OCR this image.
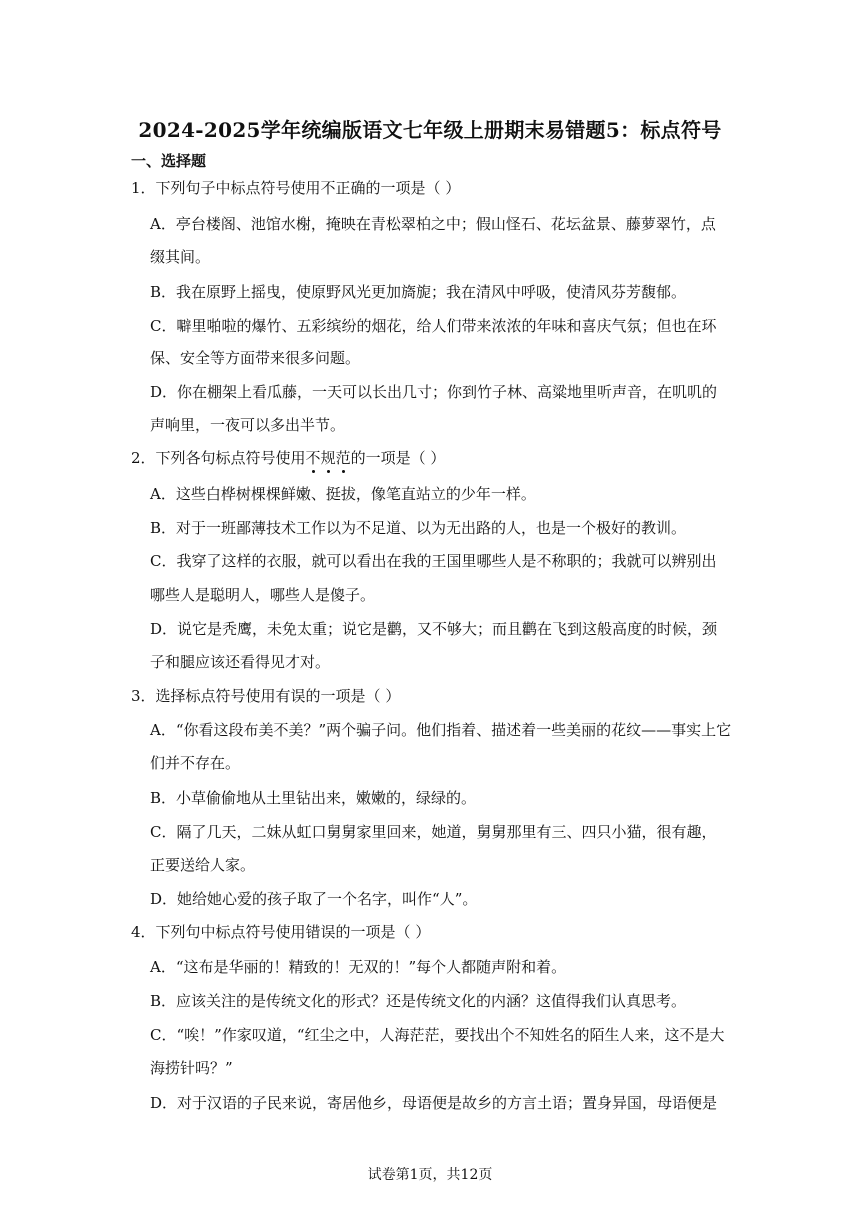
2024-2025学年统编版语文七年级上册期末易错题5：标点符号
一、选择题
1．下列句子中标点符号使用不正确的一项是（ ）
A．亭台楼阁、池馆水榭，掩映在青松翠柏之中；假山怪石、花坛盆景、藤萝翠竹，点
缀其间。
B．我在原野上摇曳，使原野风光更加旖旎；我在清风中呼吸，使清风芬芳馥郁。
C．噼里啪啦的爆竹、五彩缤纷的烟花，给人们带来浓浓的年味和喜庆气氛；但也在环
保、安全等方面带来很多问题。
D．你在棚架上看瓜藤，一天可以长出几寸；你到竹子林、高粱地里听声音，在叽叽的
声响里，一夜可以多出半节。
2．下列各句标点符号使用不规范的一项是（ ）
A．这些白桦树棵棵鲜嫩、挺拔，像笔直站立的少年一样。
B．对于一班鄙薄技术工作以为不足道、以为无出路的人，也是一个极好的教训。
C．我穿了这样的衣服，就可以看出在我的王国里哪些人是不称职的；我就可以辨别出
哪些人是聪明人，哪些人是傻子。
D．说它是秃鹰，未免太重；说它是鹳，又不够大；而且鹳在飞到这般高度的时候，颈
子和腿应该还看得见才对。
3．选择标点符号使用有误的一项是（ ）
A．“你看这段布美不美？”两个骗子问。他们指着、描述着一些美丽的花纹——事实上它
们并不存在。
B．小草偷偷地从土里钻出来，嫩嫩的，绿绿的。
C．隔了几天，二妹从虹口舅舅家里回来，她道，舅舅那里有三、四只小猫，很有趣，
正要送给人家。
D．她给她心爱的孩子取了一个名字，叫作“人”。
4．下列句中标点符号使用错误的一项是（ ）
A．“这布是华丽的！精致的！无双的！”每个人都随声附和着。
B．应该关注的是传统文化的形式？还是传统文化的内涵？这值得我们认真思考。
C．“唉！”作家叹道，“红尘之中，人海茫茫，要找出个不知姓名的陌生人来，这不是大
海捞针吗？”
D．对于汉语的子民来说，寄居他乡，母语便是故乡的方言土语；置身异国，母语便是
试卷第1页，共12页
